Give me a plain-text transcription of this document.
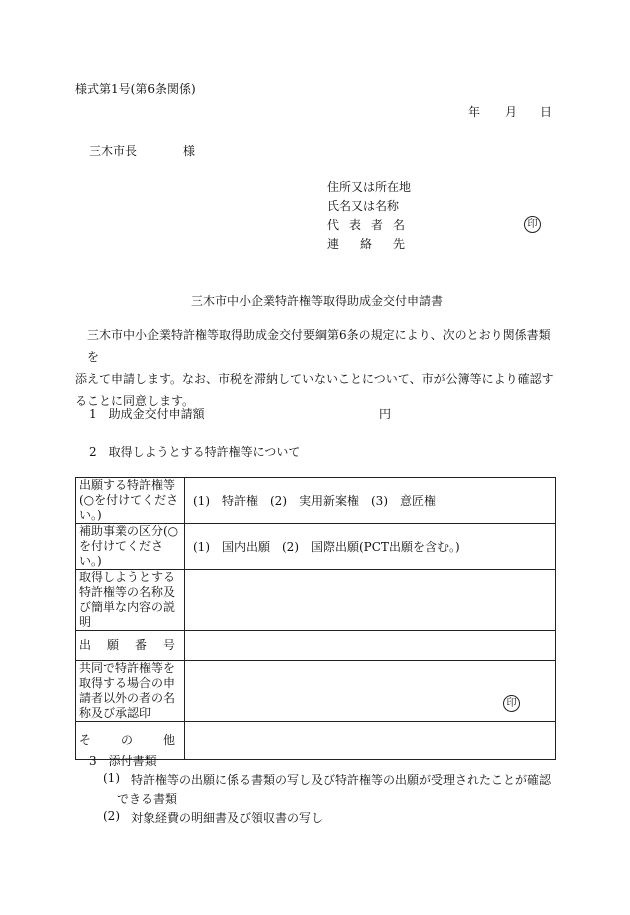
様式第1号(第6条関係)
年 月 日
三木市長	様
住所又は所在地
氏名又は名称
代 表 者 名	印
連 絡 先
三木市中小企業特許権等取得助成金交付申請書
三木市中小企業特許権等取得助成金交付要綱第6条の規定により、次のとおり関係書類を
添えて申請します。なお、市税を滞納していないことについて、市が公簿等により確認す
ることに同意します。
1　助成金交付申請額	円
2　取得しようとする特許権等について
出願する特許権等(○を付けてください。)	(1)　特許権　(2)　実用新案権　(3)　意匠権
補助事業の区分(○を付けてください。)	(1)　国内出願　(2)　国際出願(PCT出願を含む。)
取得しようとする特許権等の名称及び簡単な内容の説明	

出 願 番 号	

共同で特許権等を取得する場合の申請者以外の者の名称及び承認印	印

そ の 他	

3　添付書類
(1) 特許権等の出願に係る書類の写し及び特許権等の出願が受理されたことが確認
できる書類
(2) 対象経費の明細書及び領収書の写し
